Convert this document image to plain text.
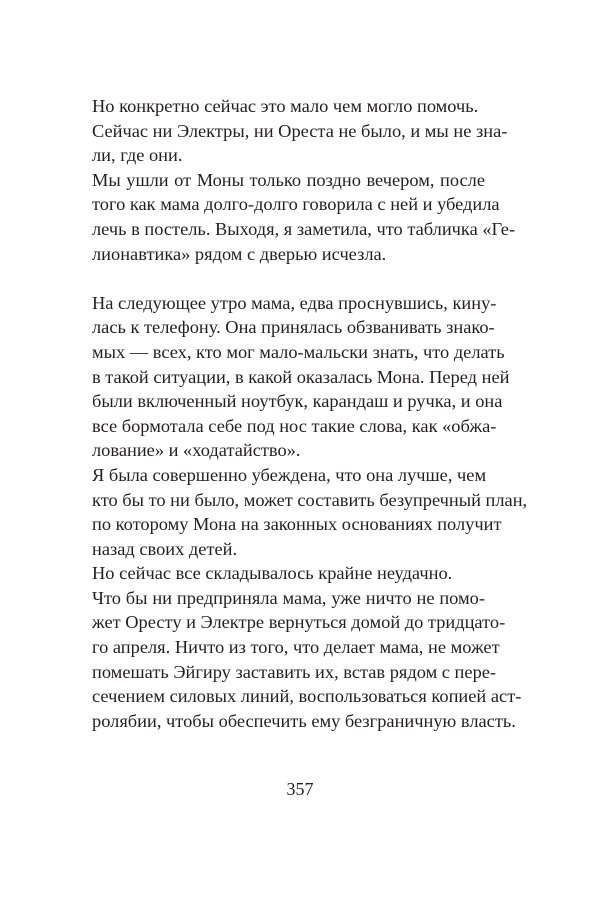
Но конкретно сейчас это мало чем могло помочь.

Сейчас ни Электры, ни Ореста не было, и мы не зна-
ли, где они.

Мы ушли от Моны только поздно вечером, после
того как мама долго-долго говорила с ней и убедила
лечь в постель. Выходя, я заметила, что табличка «Ге-
лионавтика» рядом с дверью исчезла.

На следующее утро мама, едва проснувшись, кину-
лась к телефону. Она принялась обзванивать знако-
мых — всех, кто мог мало-мальски знать, что делать
в такой ситуации, в какой оказалась Мона. Перед ней
были включенный ноутбук, карандаш и ручка, и она
все бормотала себе под нос такие слова, как «обжа-
лование» и «ходатайство».

Я была совершенно убеждена, что она лучше, чем
кто бы то ни было, может составить безупречный план,
по которому Мона на законных основаниях получит
назад своих детей.

Но сейчас все складывалось крайне неудачно.

Что бы ни предприняла мама, уже ничто не помо-
жет Оресту и Электре вернуться домой до тридцато-
го апреля. Ничто из того, что делает мама, не может
помешать Эйгиру заставить их, встав рядом с пере-
сечением силовых линий, воспользоваться копией аст-
ролябии, чтобы обеспечить ему безграничную власть.

357
